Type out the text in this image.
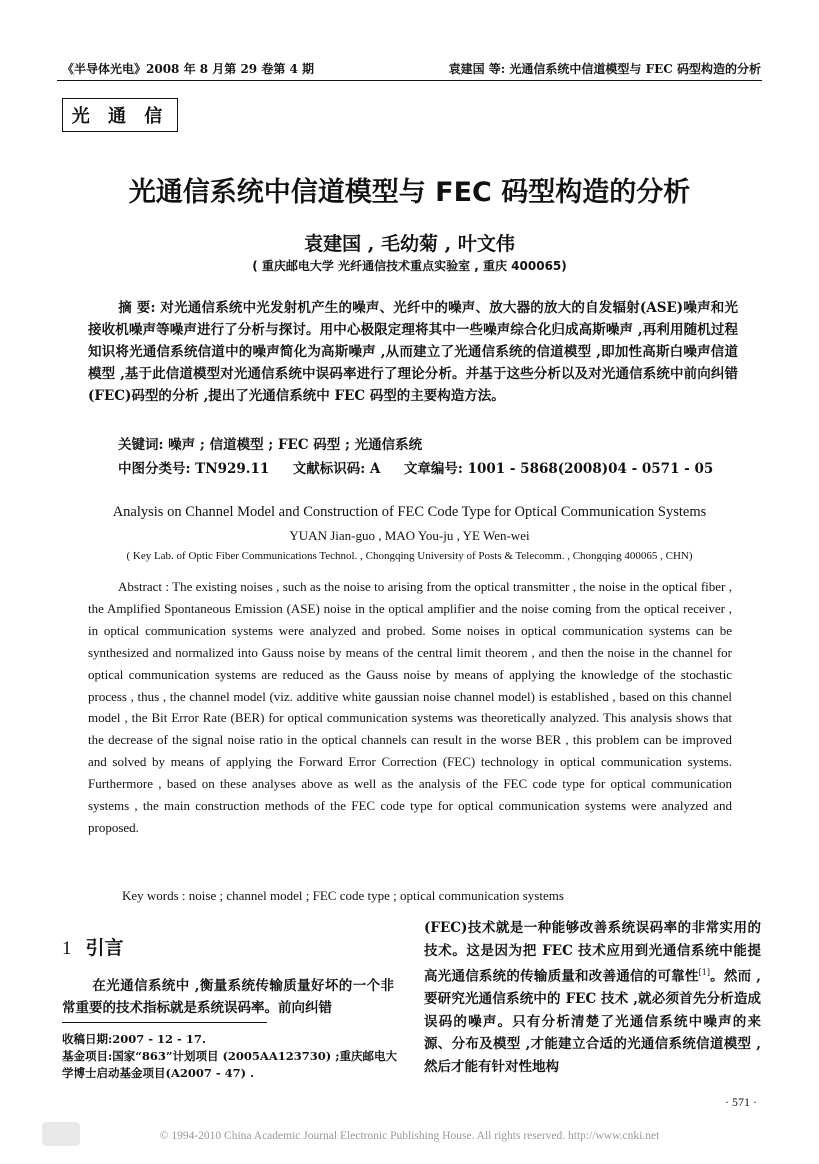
《半导体光电》2008 年 8 月第 29 卷第 4 期	袁建国 等: 光通信系统中信道模型与 FEC 码型构造的分析
光 通 信
光通信系统中信道模型与 FEC 码型构造的分析
袁建国 , 毛幼菊 , 叶文伟
( 重庆邮电大学 光纤通信技术重点实验室 , 重庆 400065)
摘 要: 对光通信系统中光发射机产生的噪声、光纤中的噪声、放大器的放大的自发辐射(ASE)噪声和光接收机噪声等噪声进行了分析与探讨。用中心极限定理将其中一些噪声综合化归成高斯噪声 ,再利用随机过程知识将光通信系统信道中的噪声简化为高斯噪声 ,从而建立了光通信系统的信道模型 ,即加性高斯白噪声信道模型 ,基于此信道模型对光通信系统中误码率进行了理论分析。并基于这些分析以及对光通信系统中前向纠错(FEC)码型的分析 ,提出了光通信系统中 FEC 码型的主要构造方法。
关键词: 噪声 ; 信道模型 ; FEC 码型 ; 光通信系统
中图分类号: TN929.11 文献标识码: A 文章编号: 1001 - 5868(2008)04 - 0571 - 05
Analysis on Channel Model and Construction of FEC Code Type for Optical Communication Systems
YUAN Jian-guo , MAO You-ju , YE Wen-wei
( Key Lab. of Optic Fiber Communications Technol. , Chongqing University of Posts & Telecomm. , Chongqing 400065 , CHN)
Abstract : The existing noises , such as the noise to arising from the optical transmitter , the noise in the optical fiber , the Amplified Spontaneous Emission (ASE) noise in the optical amplifier and the noise coming from the optical receiver , in optical communication systems were analyzed and probed. Some noises in optical communication systems can be synthesized and normalized into Gauss noise by means of the central limit theorem , and then the noise in the channel for optical communication systems are reduced as the Gauss noise by means of applying the knowledge of the stochastic process , thus , the channel model (viz. additive white gaussian noise channel model) is established , based on this channel model , the Bit Error Rate (BER) for optical communication systems was theoretically analyzed. This analysis shows that the decrease of the signal noise ratio in the optical channels can result in the worse BER , this problem can be improved and solved by means of applying the Forward Error Correction (FEC) technology in optical communication systems. Furthermore , based on these analyses above as well as the analysis of the FEC code type for optical communication systems , the main construction methods of the FEC code type for optical communication systems were analyzed and proposed.
Key words : noise ; channel model ; FEC code type ; optical communication systems
1 引言
在光通信系统中 ,衡量系统传输质量好坏的一个非常重要的技术指标就是系统误码率。前向纠错
收稿日期:2007 - 12 - 17.
基金项目:国家“863”计划项目 (2005AA123730) ;重庆邮电大学博士启动基金项目(A2007 - 47) .
(FEC)技术就是一种能够改善系统误码率的非常实用的技术。这是因为把 FEC 技术应用到光通信系统中能提高光通信系统的传输质量和改善通信的可靠性[1]。然而 ,要研究光通信系统中的 FEC 技术 ,就必须首先分析造成误码的噪声。只有分析清楚了光通信系统中噪声的来源、分布及模型 ,才能建立合适的光通信系统信道模型 ,然后才能有针对性地构
· 571 ·
© 1994-2010 China Academic Journal Electronic Publishing House. All rights reserved. http://www.cnki.net
